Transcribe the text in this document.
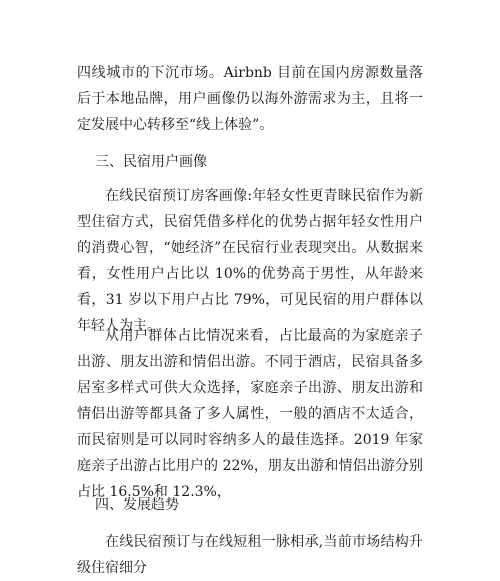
四线城市的下沉市场。Airbnb 目前在国内房源数量落后于本地品牌，用户画像仍以海外游需求为主，且将一定发展中心转移至“线上体验”。

三、民宿用户画像

在线民宿预订房客画像:年轻女性更青睐民宿作为新型住宿方式，民宿凭借多样化的优势占据年轻女性用户的消费心智，“她经济”在民宿行业表现突出。从数据来看，女性用户占比以 10%的优势高于男性，从年龄来看，31 岁以下用户占比 79%，可见民宿的用户群体以年轻人为主。

从用户群体占比情况来看，占比最高的为家庭亲子出游、朋友出游和情侣出游。不同于酒店，民宿具备多居室多样式可供大众选择，家庭亲子出游、朋友出游和情侣出游等都具备了多人属性，一般的酒店不太适合，而民宿则是可以同时容纳多人的最佳选择。2019 年家庭亲子出游占比用户的 22%，朋友出游和情侣出游分别占比 16.5%和 12.3%，

四、发展趋势

在线民宿预订与在线短租一脉相承,当前市场结构升级住宿细分
